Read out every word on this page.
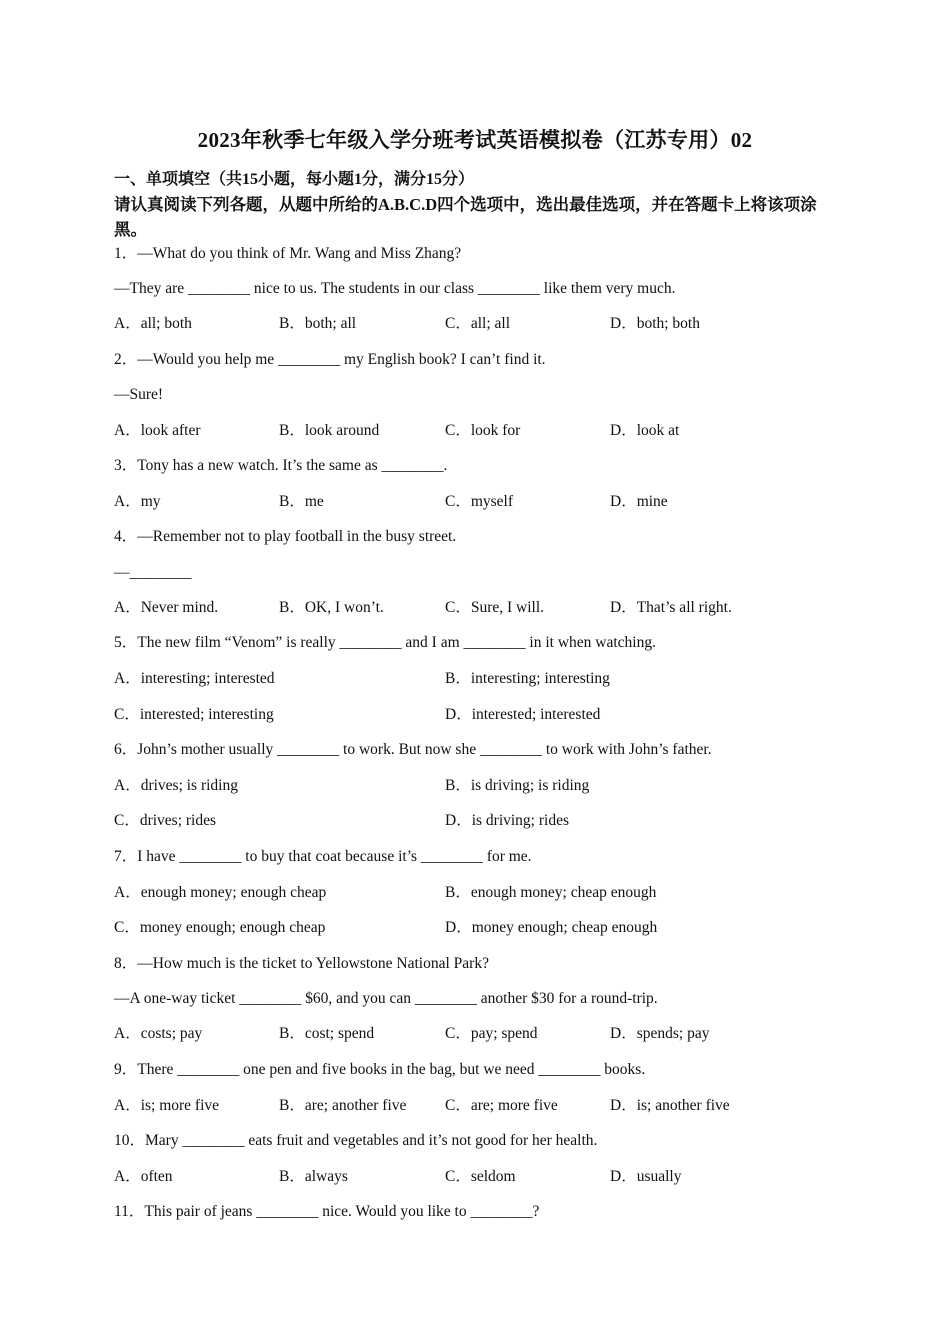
2023年秋季七年级入学分班考试英语模拟卷（江苏专用）02
一、单项填空（共15小题，每小题1分，满分15分）
请认真阅读下列各题，从题中所给的A.B.C.D四个选项中，选出最佳选项，并在答题卡上将该项涂黑。
1．—What do you think of Mr. Wang and Miss Zhang?
—They are ________ nice to us. The students in our class ________ like them very much.
A．all; both	B．both; all	C．all; all	D．both; both
2．—Would you help me ________ my English book? I can’t find it.
—Sure!
A．look after	B．look around	C．look for	D．look at
3．Tony has a new watch. It’s the same as ________.
A．my	B．me	C．myself	D．mine
4．—Remember not to play football in the busy street.
—________
A．Never mind.	B．OK, I won’t.	C．Sure, I will.	D．That’s all right.
5．The new film “Venom” is really ________ and I am ________ in it when watching.
A．interesting; interested	B．interesting; interesting
C．interested; interesting	D．interested; interested
6．John’s mother usually ________ to work. But now she ________ to work with John’s father.
A．drives; is riding	B．is driving; is riding
C．drives; rides	D．is driving; rides
7．I have ________ to buy that coat because it’s ________ for me.
A．enough money; enough cheap	B．enough money; cheap enough
C．money enough; enough cheap	D．money enough; cheap enough
8．—How much is the ticket to Yellowstone National Park?
—A one-way ticket ________ $60, and you can ________ another $30 for a round-trip.
A．costs; pay	B．cost; spend	C．pay; spend	D．spends; pay
9．There ________ one pen and five books in the bag, but we need ________ books.
A．is; more five	B．are; another five C．are; more five	D．is; another five
10．Mary ________ eats fruit and vegetables and it’s not good for her health.
A．often	B．always	C．seldom	D．usually
11．This pair of jeans ________ nice. Would you like to ________?
